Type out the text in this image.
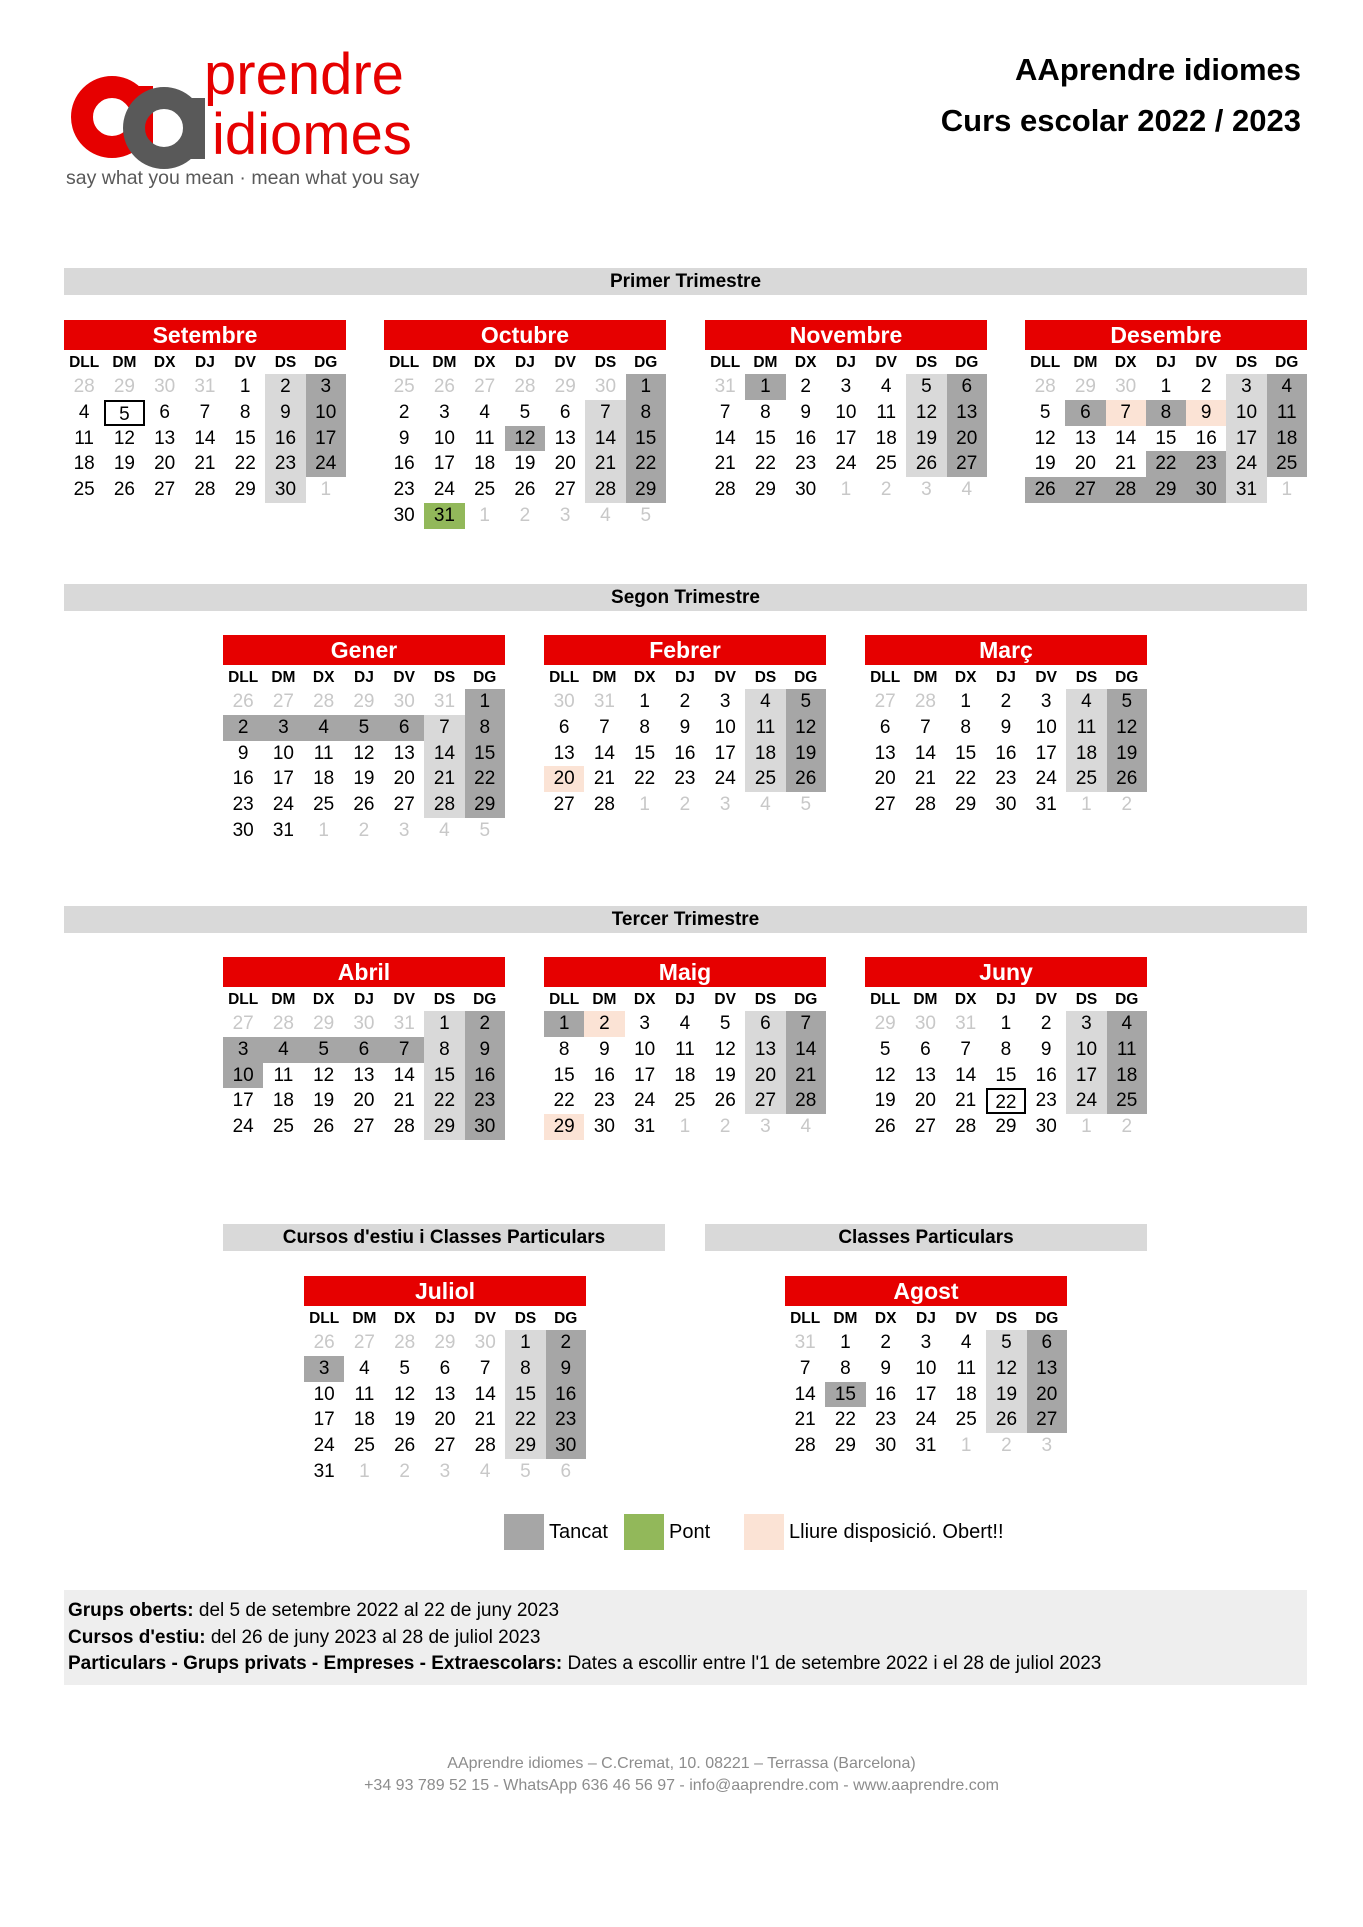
prendre
idiomes
say what you mean · mean what you say
AAprendre idiomes
Curs escolar 2022 / 2023
Primer Trimestre
Segon Trimestre
Tercer Trimestre
Cursos d'estiu i Classes Particulars	Classes Particulars
Setembre
DLL DM	DX	DJ	DV	DS	DG
28	29	30	31	1	2	3
4	5	6	7	8	9	10
11	12	13	14	15	16	17
18	19	20	21	22	23	24
25	26	27	28	29	30	1
Octubre
DLL DM	DX	DJ	DV	DS	DG
25	26	27	28	29	30	1
2	3	4	5	6	7	8
9	10	11	12	13	14	15
16	17	18	19	20	21	22
23	24	25	26	27	28	29
30	31	1	2	3	4	5
Novembre
DLL DM	DX	DJ	DV	DS	DG
31	1	2	3	4	5	6
7	8	9	10	11	12	13
14	15	16	17	18	19	20
21	22	23	24	25	26	27
28	29	30	1	2	3	4
Desembre
DLL DM	DX	DJ	DV	DS	DG
28	29	30	1	2	3	4
5	6	7	8	9	10	11
12	13	14	15	16	17	18
19	20	21	22	23	24	25
26	27	28	29	30	31	1
Gener
DLL DM	DX	DJ	DV	DS	DG
26	27	28	29	30	31	1
2	3	4	5	6	7	8
9	10	11	12	13	14	15
16	17	18	19	20	21	22
23	24	25	26	27	28	29
30	31	1	2	3	4	5
Febrer
DLL DM	DX	DJ	DV	DS	DG
30	31	1	2	3	4	5
6	7	8	9	10	11	12
13	14	15	16	17	18	19
20	21	22	23	24	25	26
27	28	1	2	3	4	5
Març
DLL DM	DX	DJ	DV	DS	DG
27	28	1	2	3	4	5
6	7	8	9	10	11	12
13	14	15	16	17	18	19
20	21	22	23	24	25	26
27	28	29	30	31	1	2
Abril
DLL DM	DX	DJ	DV	DS	DG
27	28	29	30	31	1	2
3	4	5	6	7	8	9
10	11	12	13	14	15	16
17	18	19	20	21	22	23
24	25	26	27	28	29	30
Maig
DLL DM	DX	DJ	DV	DS	DG
1	2	3	4	5	6	7
8	9	10	11	12	13	14
15	16	17	18	19	20	21
22	23	24	25	26	27	28
29	30	31	1	2	3	4
Juny
DLL DM	DX	DJ	DV	DS	DG
29	30	31	1	2	3	4
5	6	7	8	9	10	11
12	13	14	15	16	17	18
19	20	21	22	23	24	25
26	27	28	29	30	1	2
Juliol
DLL DM	DX	DJ	DV	DS	DG
26	27	28	29	30	1	2
3	4	5	6	7	8	9
10	11	12	13	14	15	16
17	18	19	20	21	22	23
24	25	26	27	28	29	30
31	1	2	3	4	5	6
Agost
DLL DM	DX	DJ	DV	DS	DG
31	1	2	3	4	5	6
7	8	9	10	11	12	13
14	15	16	17	18	19	20
21	22	23	24	25	26	27
28	29	30	31	1	2	3
Tancat	Pont	Lliure disposició. Obert!!
Grups oberts: del 5 de setembre 2022 al 22 de juny 2023
Cursos d'estiu: del 26 de juny 2023 al 28 de juliol 2023
Particulars - Grups privats - Empreses - Extraescolars: Dates a escollir entre l'1 de setembre 2022 i el 28 de juliol 2023
AAprendre idiomes – C.Cremat, 10. 08221 – Terrassa (Barcelona)
+34 93 789 52 15 - WhatsApp 636 46 56 97 - info@aaprendre.com - www.aaprendre.com
